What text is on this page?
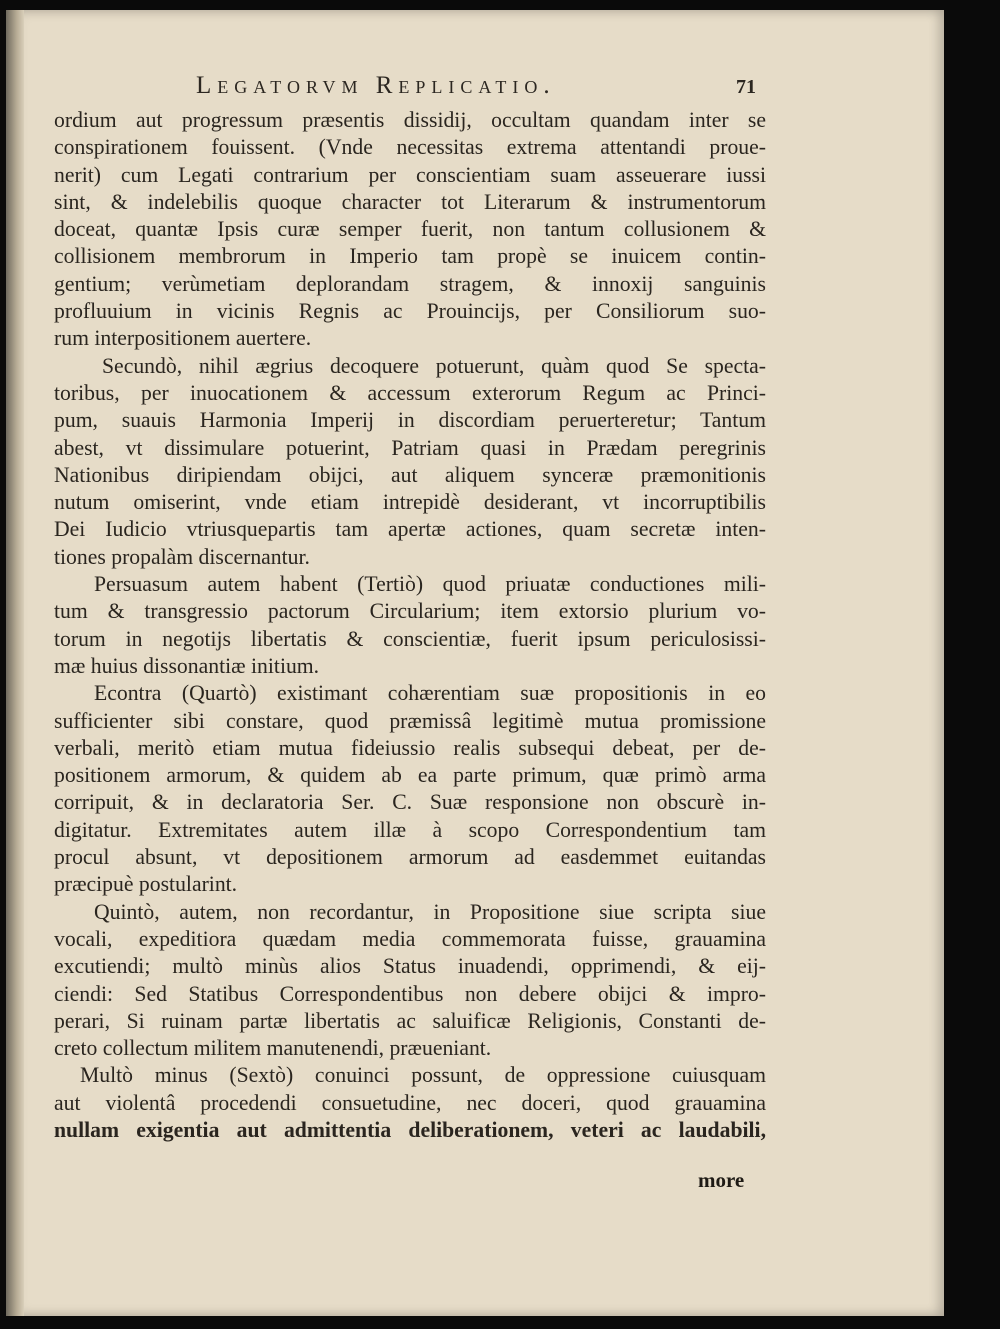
Legatorvm Replicatio.	71
ordium aut progressum præsentis dissidij, occultam quandam inter se
conspirationem fouissent. (Vnde necessitas extrema attentandi proue-
nerit) cum Legati contrarium per conscientiam suam asseuerare iussi
sint, & indelebilis quoque character tot Literarum & instrumentorum
doceat, quantæ Ipsis curæ semper fuerit, non tantum collusionem &
collisionem membrorum in Imperio tam propè se inuicem contin-
gentium; verùmetiam deplorandam stragem, & innoxij sanguinis
profluuium in vicinis Regnis ac Prouincijs, per Consiliorum suo-
rum interpositionem auertere.
Secundò, nihil ægrius decoquere potuerunt, quàm quod Se specta-
toribus, per inuocationem & accessum exterorum Regum ac Princi-
pum, suauis Harmonia Imperij in discordiam peruerteretur; Tantum
abest, vt dissimulare potuerint, Patriam quasi in Prædam peregrinis
Nationibus diripiendam obijci, aut aliquem synceræ præmonitionis
nutum omiserint, vnde etiam intrepidè desiderant, vt incorruptibilis
Dei Iudicio vtriusquepartis tam apertæ actiones, quam secretæ inten-
tiones propalàm discernantur.
Persuasum autem habent (Tertiò) quod priuatæ conductiones mili-
tum & transgressio pactorum Circularium; item extorsio plurium vo-
torum in negotijs libertatis & conscientiæ, fuerit ipsum periculosissi-
mæ huius dissonantiæ initium.
Econtra (Quartò) existimant cohærentiam suæ propositionis in eo
sufficienter sibi constare, quod præmissâ legitimè mutua promissione
verbali, meritò etiam mutua fideiussio realis subsequi debeat, per de-
positionem armorum, & quidem ab ea parte primum, quæ primò arma
corripuit, & in declaratoria Ser. C. Suæ responsione non obscurè in-
digitatur. Extremitates autem illæ à scopo Correspondentium tam
procul absunt, vt depositionem armorum ad easdemmet euitandas
præcipuè postularint.
Quintò, autem, non recordantur, in Propositione siue scripta siue
vocali, expeditiora quædam media commemorata fuisse, grauamina
excutiendi; multò minùs alios Status inuadendi, opprimendi, & eij-
ciendi: Sed Statibus Correspondentibus non debere obijci & impro-
perari, Si ruinam partæ libertatis ac saluificæ Religionis, Constanti de-
creto collectum militem manutenendi, præueniant.
Multò minus (Sextò) conuinci possunt, de oppressione cuiusquam
aut violentâ procedendi consuetudine, nec doceri, quod grauamina
nullam exigentia aut admittentia deliberationem, veteri ac laudabili,
more
